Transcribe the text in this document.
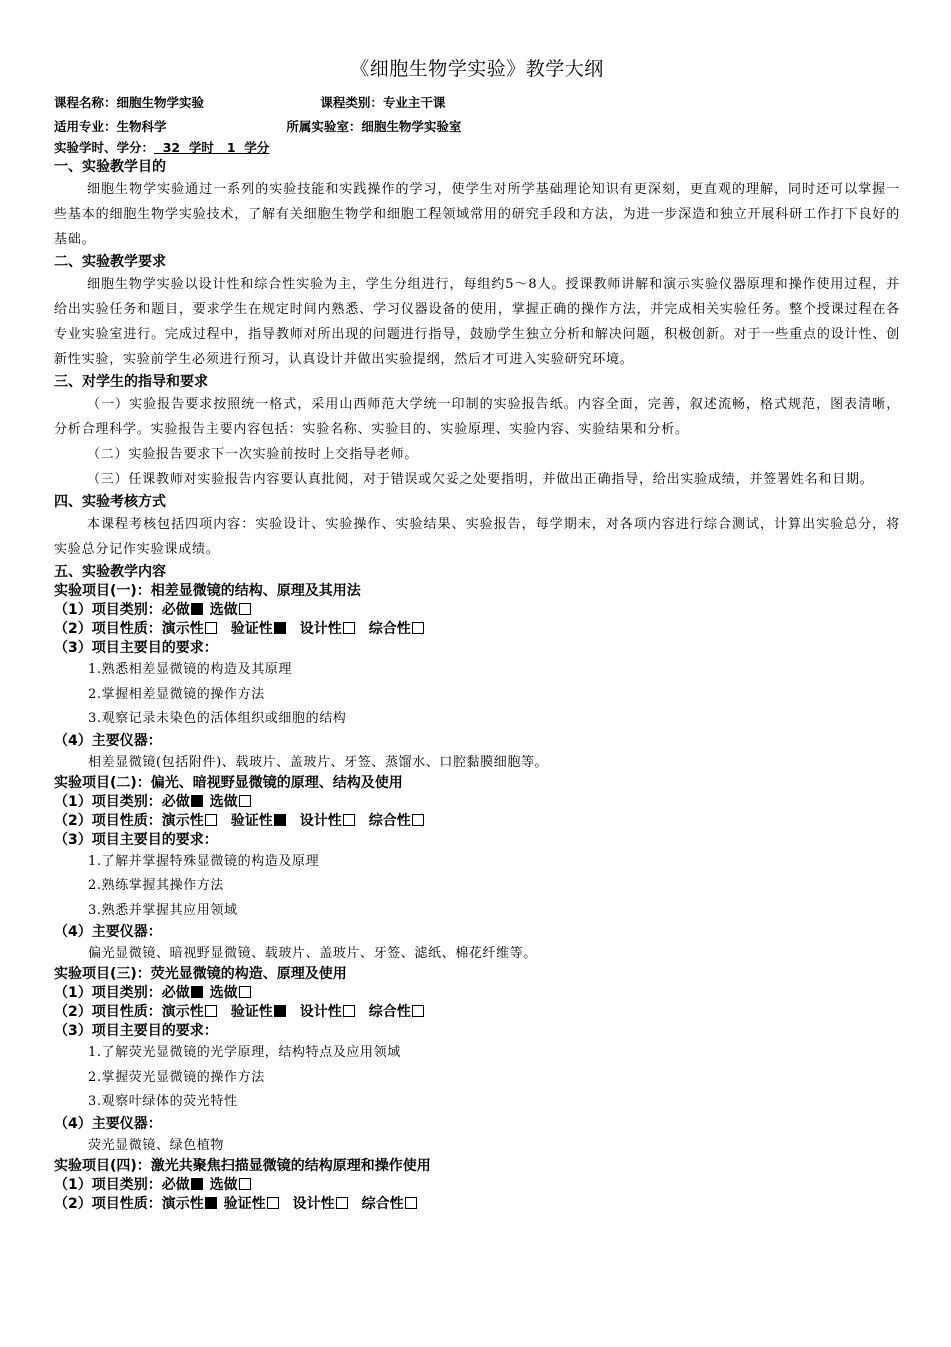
《细胞生物学实验》教学大纲
课程名称：细胞生物学实验	课程类别：专业主干课
适用专业：生物科学	所属实验室：细胞生物学实验室
实验学时、学分：  32  学时   1  学分
一、实验教学目的

细胞生物学实验通过一系列的实验技能和实践操作的学习，使学生对所学基础理论知识有更深刻，更直观的理解，同时还可以掌握一些基本的细胞生物学实验技术，了解有关细胞生物学和细胞工程领域常用的研究手段和方法，为进一步深造和独立开展科研工作打下良好的基础。

二、实验教学要求

细胞生物学实验以设计性和综合性实验为主，学生分组进行，每组约5～8人。授课教师讲解和演示实验仪器原理和操作使用过程，并给出实验任务和题目，要求学生在规定时间内熟悉、学习仪器设备的使用，掌握正确的操作方法，并完成相关实验任务。整个授课过程在各专业实验室进行。完成过程中，指导教师对所出现的问题进行指导，鼓励学生独立分析和解决问题，积极创新。对于一些重点的设计性、创新性实验，实验前学生必须进行预习，认真设计并做出实验提纲，然后才可进入实验研究环境。

三、对学生的指导和要求

（一）实验报告要求按照统一格式，采用山西师范大学统一印制的实验报告纸。内容全面，完善，叙述流畅，格式规范，图表清晰，分析合理科学。实验报告主要内容包括：实验名称、实验目的、实验原理、实验内容、实验结果和分析。

（二）实验报告要求下一次实验前按时上交指导老师。

（三）任课教师对实验报告内容要认真批阅，对于错误或欠妥之处要指明，并做出正确指导，给出实验成绩，并签署姓名和日期。

四、实验考核方式

本课程考核包括四项内容：实验设计、实验操作、实验结果、实验报告，每学期末，对各项内容进行综合测试，计算出实验总分，将实验总分记作实验课成绩。

五、实验教学内容
实验项目(一)：相差显微镜的结构、原理及其用法
（1）项目类别：必做 选做
（2）项目性质：演示性 验证性 设计性 综合性
（3）项目主要目的要求：
1.熟悉相差显微镜的构造及其原理
2.掌握相差显微镜的操作方法
3.观察记录未染色的活体组织或细胞的结构
（4）主要仪器：
相差显微镜(包括附件)、载玻片、盖玻片、牙签、蒸馏水、口腔黏膜细胞等。
实验项目(二)：偏光、暗视野显微镜的原理、结构及使用
（1）项目类别：必做 选做
（2）项目性质：演示性 验证性 设计性 综合性
（3）项目主要目的要求：
1.了解并掌握特殊显微镜的构造及原理
2.熟练掌握其操作方法
3.熟悉并掌握其应用领域
（4）主要仪器：
偏光显微镜、暗视野显微镜、载玻片、盖玻片、牙签、滤纸、棉花纤维等。
实验项目(三)：荧光显微镜的构造、原理及使用
（1）项目类别：必做 选做
（2）项目性质：演示性 验证性 设计性 综合性
（3）项目主要目的要求：
1.了解荧光显微镜的光学原理，结构特点及应用领域
2.掌握荧光显微镜的操作方法
3.观察叶绿体的荧光特性
（4）主要仪器：
荧光显微镜、绿色植物
实验项目(四)：激光共聚焦扫描显微镜的结构原理和操作使用
（1）项目类别：必做 选做
（2）项目性质：演示性 验证性 设计性 综合性
